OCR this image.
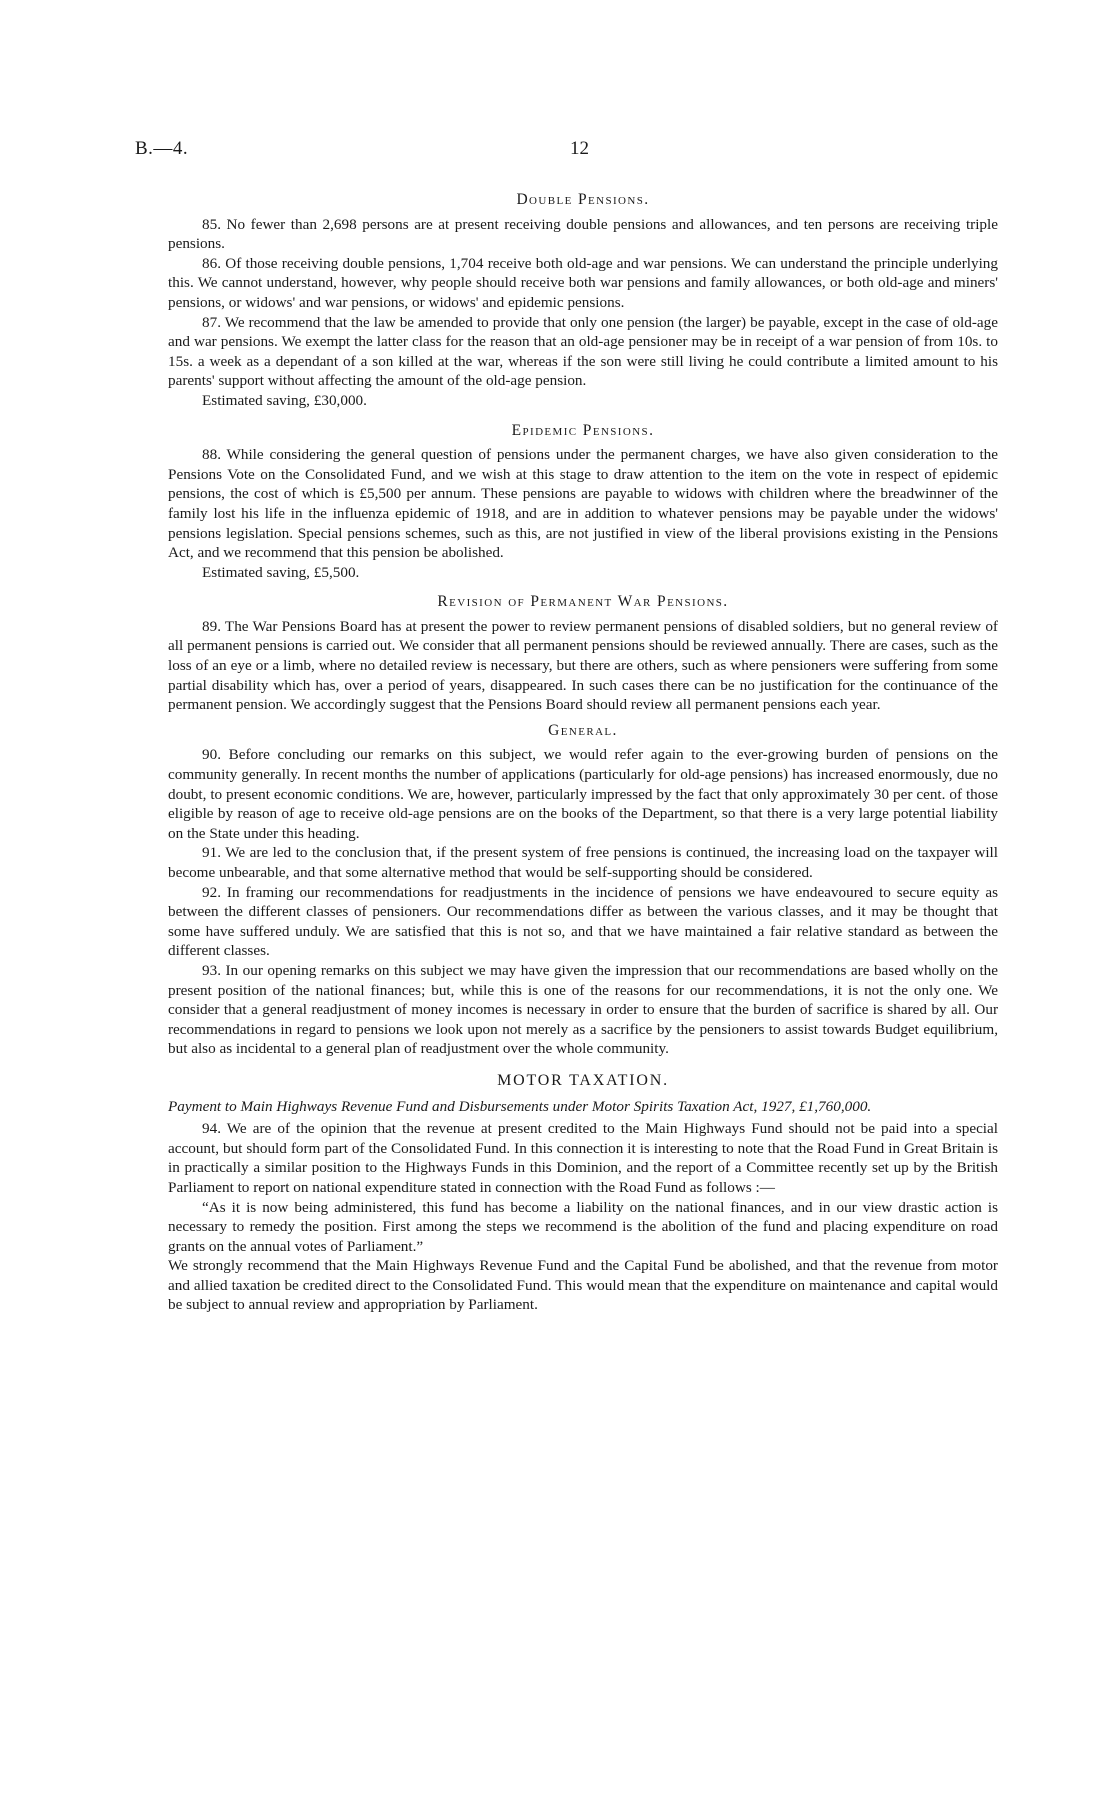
B.—4.	12
Double Pensions.

85. No fewer than 2,698 persons are at present receiving double pensions and allowances, and ten persons are receiving triple pensions.

86. Of those receiving double pensions, 1,704 receive both old-age and war pensions. We can understand the principle underlying this. We cannot understand, however, why people should receive both war pensions and family allowances, or both old-age and miners' pensions, or widows' and war pensions, or widows' and epidemic pensions.

87. We recommend that the law be amended to provide that only one pension (the larger) be payable, except in the case of old-age and war pensions. We exempt the latter class for the reason that an old-age pensioner may be in receipt of a war pension of from 10s. to 15s. a week as a dependant of a son killed at the war, whereas if the son were still living he could contribute a limited amount to his parents' support without affecting the amount of the old-age pension.

Estimated saving, £30,000.

Epidemic Pensions.

88. While considering the general question of pensions under the permanent charges, we have also given consideration to the Pensions Vote on the Consolidated Fund, and we wish at this stage to draw attention to the item on the vote in respect of epidemic pensions, the cost of which is £5,500 per annum. These pensions are payable to widows with children where the breadwinner of the family lost his life in the influenza epidemic of 1918, and are in addition to whatever pensions may be payable under the widows' pensions legislation. Special pensions schemes, such as this, are not justified in view of the liberal provisions existing in the Pensions Act, and we recommend that this pension be abolished.

Estimated saving, £5,500.

Revision of Permanent War Pensions.

89. The War Pensions Board has at present the power to review permanent pensions of disabled soldiers, but no general review of all permanent pensions is carried out. We consider that all permanent pensions should be reviewed annually. There are cases, such as the loss of an eye or a limb, where no detailed review is necessary, but there are others, such as where pensioners were suffering from some partial disability which has, over a period of years, disappeared. In such cases there can be no justification for the continuance of the permanent pension. We accordingly suggest that the Pensions Board should review all permanent pensions each year.

General.

90. Before concluding our remarks on this subject, we would refer again to the ever-growing burden of pensions on the community generally. In recent months the number of applications (particularly for old-age pensions) has increased enormously, due no doubt, to present economic conditions. We are, however, particularly impressed by the fact that only approximately 30 per cent. of those eligible by reason of age to receive old-age pensions are on the books of the Department, so that there is a very large potential liability on the State under this heading.

91. We are led to the conclusion that, if the present system of free pensions is continued, the increasing load on the taxpayer will become unbearable, and that some alternative method that would be self-supporting should be considered.

92. In framing our recommendations for readjustments in the incidence of pensions we have endeavoured to secure equity as between the different classes of pensioners. Our recommendations differ as between the various classes, and it may be thought that some have suffered unduly. We are satisfied that this is not so, and that we have maintained a fair relative standard as between the different classes.

93. In our opening remarks on this subject we may have given the impression that our recommendations are based wholly on the present position of the national finances; but, while this is one of the reasons for our recommendations, it is not the only one. We consider that a general readjustment of money incomes is necessary in order to ensure that the burden of sacrifice is shared by all. Our recommendations in regard to pensions we look upon not merely as a sacrifice by the pensioners to assist towards Budget equilibrium, but also as incidental to a general plan of readjustment over the whole community.

MOTOR TAXATION.
Payment to Main Highways Revenue Fund and Disbursements under Motor Spirits Taxation Act, 1927, £1,760,000.

94. We are of the opinion that the revenue at present credited to the Main Highways Fund should not be paid into a special account, but should form part of the Consolidated Fund. In this connection it is interesting to note that the Road Fund in Great Britain is in practically a similar position to the Highways Funds in this Dominion, and the report of a Committee recently set up by the British Parliament to report on national expenditure stated in connection with the Road Fund as follows :—

“As it is now being administered, this fund has become a liability on the national finances, and in our view drastic action is necessary to remedy the position. First among the steps we recommend is the abolition of the fund and placing expenditure on road grants on the annual votes of Parliament.”

We strongly recommend that the Main Highways Revenue Fund and the Capital Fund be abolished, and that the revenue from motor and allied taxation be credited direct to the Consolidated Fund. This would mean that the expenditure on maintenance and capital would be subject to annual review and appropriation by Parliament.
